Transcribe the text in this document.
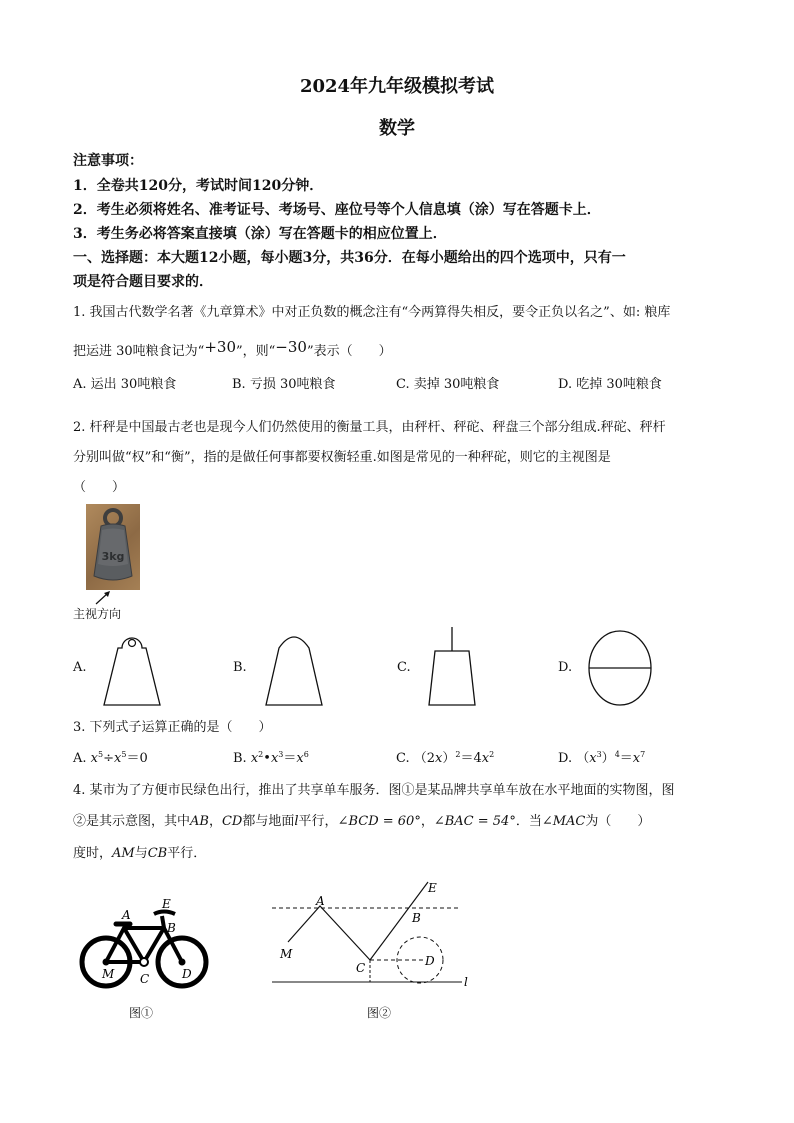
2024年九年级模拟考试
数学
注意事项：
1．全卷共120分，考试时间120分钟．
2．考生必须将姓名、准考证号、考场号、座位号等个人信息填（涂）写在答题卡上．
3．考生务必将答案直接填（涂）写在答题卡的相应位置上．
一、选择题：本大题12小题，每小题3分，共36分．在每小题给出的四个选项中，只有一
项是符合题目要求的．
1. 我国古代数学名著《九章算术》中对正负数的概念注有“今两算得失相反，要令正负以名之”、如: 粮库
把运进 30吨粮食记为“+30”，则“−30”表示（　　）
A. 运出 30吨粮食	B. 亏损 30吨粮食	C. 卖掉 30吨粮食	D. 吃掉 30吨粮食
2. 杆秤是中国最古老也是现今人们仍然使用的衡量工具，由秤杆、秤砣、秤盘三个部分组成.秤砣、秤杆
分别叫做“权”和“衡”，指的是做任何事都要权衡轻重.如图是常见的一种秤砣，则它的主视图是
（　　）
3kg
主视方向
A.	B.	C.	D.
3. 下列式子运算正确的是（　　）
A. $x^5\div x^5=0$	B. $x^2•x^3=x^6$	C. $(2x)^2=4x^2$	D. $(x^3)^4=x^7$
4. 某市为了方便市民绿色出行，推出了共享单车服务．图①是某品牌共享单车放在水平地面的实物图，图
②是其示意图，其中AB，CD都与地面l平行，∠BCD = 60°，∠BAC = 54°．当∠MAC为（　　）
度时，AM与CB平行．
A
E
B
M C	D
图①
A
E
B
M
C	D
l
图②
